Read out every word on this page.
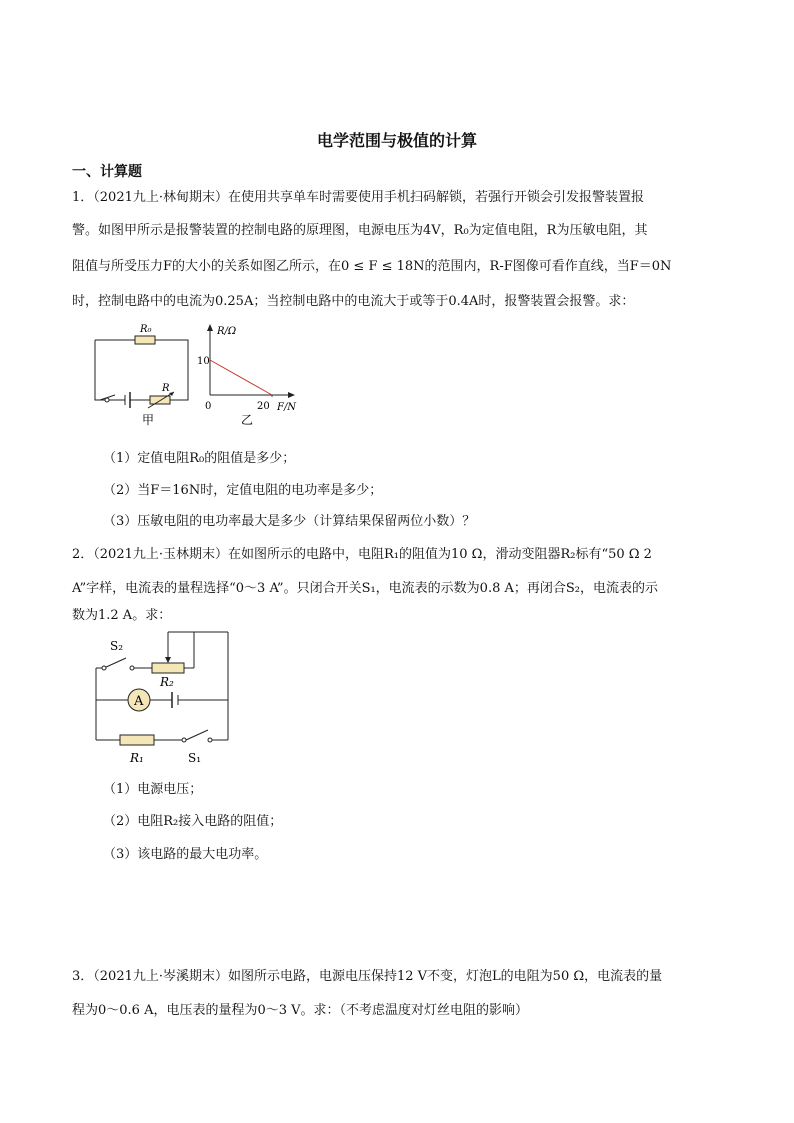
电学范围与极值的计算
一、计算题
1．（2021九上·林甸期末）在使用共享单车时需要使用手机扫码解锁，若强行开锁会引发报警装置报
警。如图甲所示是报警装置的控制电路的原理图，电源电压为4V，R₀为定值电阻，R为压敏电阻，其
阻值与所受压力F的大小的关系如图乙所示，在0 ≤ F ≤ 18N的范围内，R-F图像可看作直线，当F＝0N
时，控制电路中的电流为0.25A；当控制电路中的电流大于或等于0.4A时，报警装置会报警。求：
R₀
R
甲
R/Ω
10
0	20 F/N
乙
（1）定值电阻R₀的阻值是多少；
（2）当F＝16N时，定值电阻的电功率是多少；
（3）压敏电阻的电功率最大是多少（计算结果保留两位小数）？
2．（2021九上·玉林期末）在如图所示的电路中，电阻R₁的阻值为10 Ω，滑动变阻器R₂标有“50 Ω 2
A”字样，电流表的量程选择“0～3 A”。只闭合开关S₁，电流表的示数为0.8 A；再闭合S₂，电流表的示
数为1.2 A。求：
A
S₂
R₂
R₁	S₁
（1）电源电压；
（2）电阻R₂接入电路的阻值；
（3）该电路的最大电功率。
3．（2021九上·岑溪期末）如图所示电路，电源电压保持12 V不变，灯泡L的电阻为50 Ω，电流表的量
程为0～0.6 A，电压表的量程为0～3 V。求：（不考虑温度对灯丝电阻的影响）
